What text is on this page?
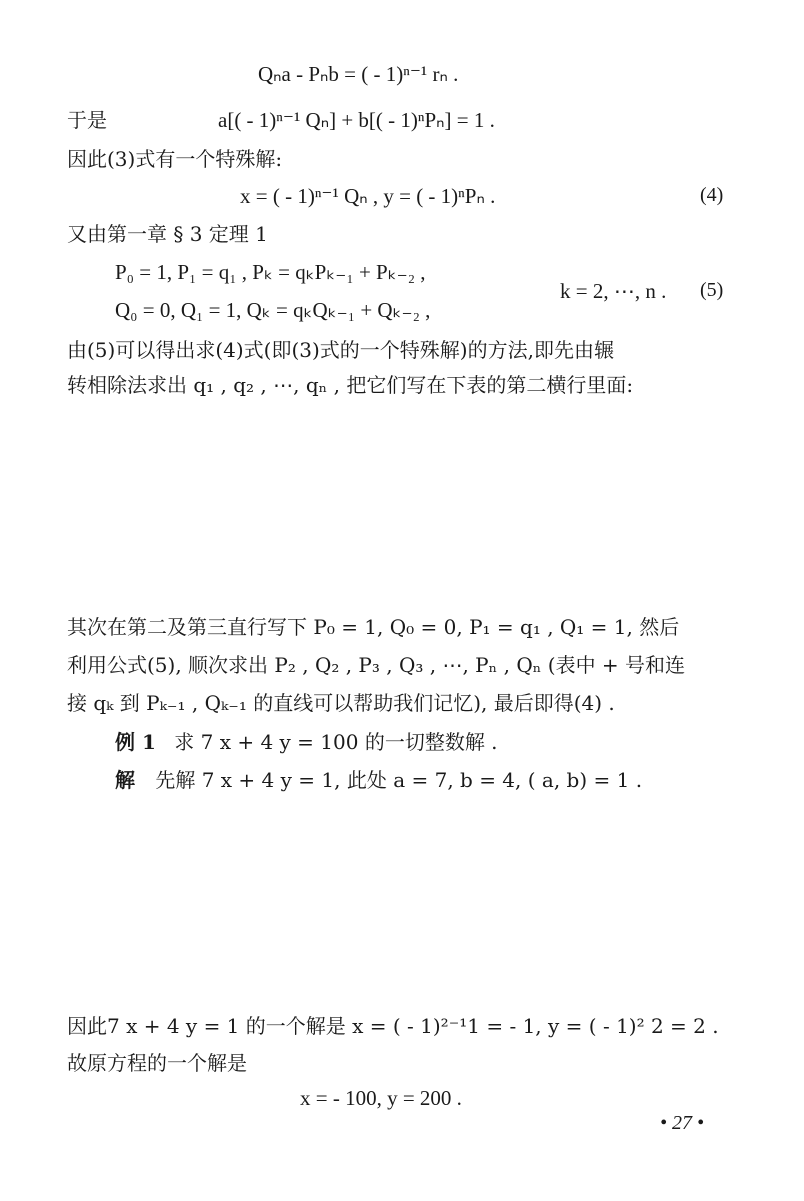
Qₙa - Pₙb = ( - 1)ⁿ⁻¹ rₙ .
于是	a[( - 1)ⁿ⁻¹ Qₙ] + b[( - 1)ⁿPₙ] = 1 .
因此(3)式有一个特殊解:
x = ( - 1)ⁿ⁻¹ Qₙ , y = ( - 1)ⁿPₙ .	(4)
又由第一章 § 3 定理 1
P₀ = 1, P₁ = q₁ , Pₖ = qₖPₖ₋₁ + Pₖ₋₂ ,
Q₀ = 0, Q₁ = 1, Qₖ = qₖQₖ₋₁ + Qₖ₋₂ ,
k = 2, ⋯, n . (5)
由(5)可以得出求(4)式(即(3)式的一个特殊解)的方法,即先由辗
转相除法求出 q₁ , q₂ , ⋯, qₙ , 把它们写在下表的第二横行里面:
其次在第二及第三直行写下 P₀ = 1, Q₀ = 0, P₁ = q₁ , Q₁ = 1, 然后
利用公式(5), 顺次求出 P₂ , Q₂ , P₃ , Q₃ , ⋯, Pₙ , Qₙ (表中 + 号和连
接 qₖ 到 Pₖ₋₁ , Qₖ₋₁ 的直线可以帮助我们记忆), 最后即得(4) .
例 1 求 7 x + 4 y = 100 的一切整数解 .
解 先解 7 x + 4 y = 1, 此处 a = 7, b = 4, ( a, b) = 1 .
因此7 x + 4 y = 1 的一个解是 x = ( - 1)²⁻¹1 = - 1, y = ( - 1)² 2 = 2 .
故原方程的一个解是
x = - 100, y = 200 .
• 27 •
